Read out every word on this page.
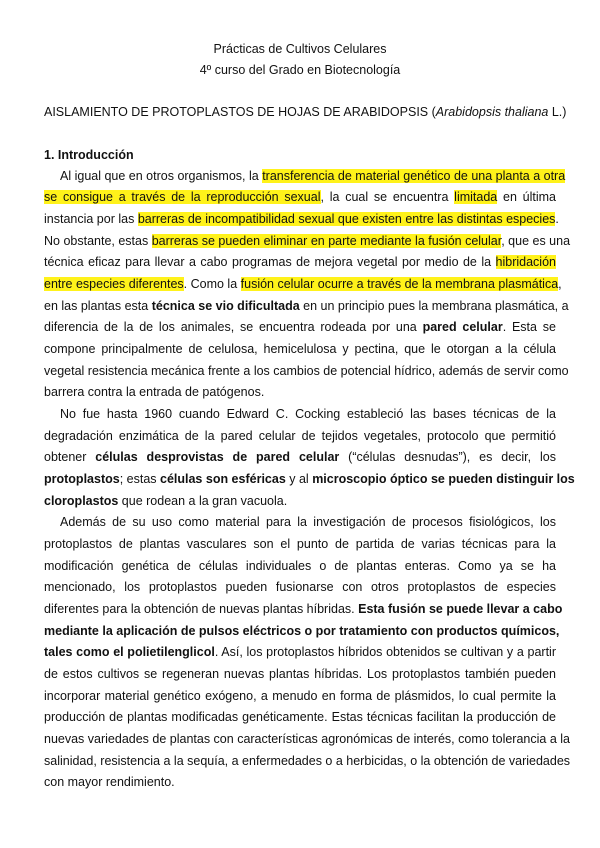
Prácticas de Cultivos Celulares
4º curso del Grado en Biotecnología
AISLAMIENTO DE PROTOPLASTOS DE HOJAS DE ARABIDOPSIS (Arabidopsis thaliana L.)
1. Introducción
Al igual que en otros organismos, la transferencia de material genético de una planta a otra
se consigue a través de la reproducción sexual, la cual se encuentra limitada en última
instancia por las barreras de incompatibilidad sexual que existen entre las distintas especies.
No obstante, estas barreras se pueden eliminar en parte mediante la fusión celular, que es una
técnica eficaz para llevar a cabo programas de mejora vegetal por medio de la hibridación
entre especies diferentes. Como la fusión celular ocurre a través de la membrana plasmática,
en las plantas esta técnica se vio dificultada en un principio pues la membrana plasmática, a
diferencia de la de los animales, se encuentra rodeada por una pared celular. Esta se
compone principalmente de celulosa, hemicelulosa y pectina, que le otorgan a la célula
vegetal resistencia mecánica frente a los cambios de potencial hídrico, además de servir como
barrera contra la entrada de patógenos.
No fue hasta 1960 cuando Edward C. Cocking estableció las bases técnicas de la
degradación enzimática de la pared celular de tejidos vegetales, protocolo que permitió
obtener células desprovistas de pared celular (“células desnudas”), es decir, los
protoplastos; estas células son esféricas y al microscopio óptico se pueden distinguir los
cloroplastos que rodean a la gran vacuola.
Además de su uso como material para la investigación de procesos fisiológicos, los
protoplastos de plantas vasculares son el punto de partida de varias técnicas para la
modificación genética de células individuales o de plantas enteras. Como ya se ha
mencionado, los protoplastos pueden fusionarse con otros protoplastos de especies
diferentes para la obtención de nuevas plantas híbridas. Esta fusión se puede llevar a cabo
mediante la aplicación de pulsos eléctricos o por tratamiento con productos químicos,
tales como el polietilenglicol. Así, los protoplastos híbridos obtenidos se cultivan y a partir
de estos cultivos se regeneran nuevas plantas híbridas. Los protoplastos también pueden
incorporar material genético exógeno, a menudo en forma de plásmidos, lo cual permite la
producción de plantas modificadas genéticamente. Estas técnicas facilitan la producción de
nuevas variedades de plantas con características agronómicas de interés, como tolerancia a la
salinidad, resistencia a la sequía, a enfermedades o a herbicidas, o la obtención de variedades
con mayor rendimiento.
